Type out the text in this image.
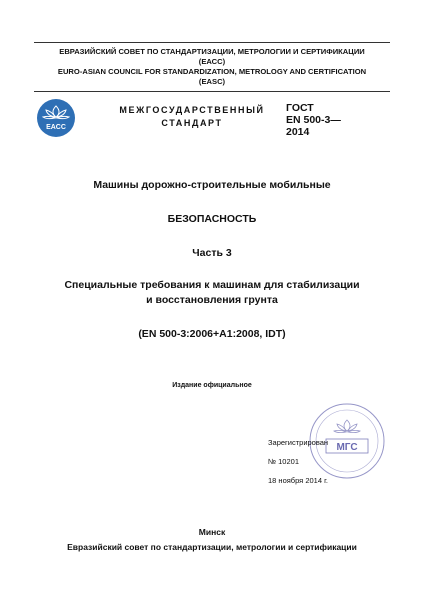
ЕВРАЗИЙСКИЙ СОВЕТ ПО СТАНДАРТИЗАЦИИ, МЕТРОЛОГИИ И СЕРТИФИКАЦИИ
(ЕАСС)
EURO-ASIAN COUNCIL FOR STANDARDIZATION, METROLOGY AND CERTIFICATION
(EASC)
EACC
МЕЖГОСУДАРСТВЕННЫЙ
СТАНДАРТ
ГОСТ
EN 500-3—
2014
Машины дорожно-строительные мобильные
БЕЗОПАСНОСТЬ
Часть 3
Специальные требования к машинам для стабилизации
и восстановления грунта
(EN 500-3:2006+A1:2008, IDT)
Издание официальное
МГС
Зарегистрирован
№ 10201
18 ноября 2014 г.
Минск
Евразийский совет по стандартизации, метрологии и сертификации
